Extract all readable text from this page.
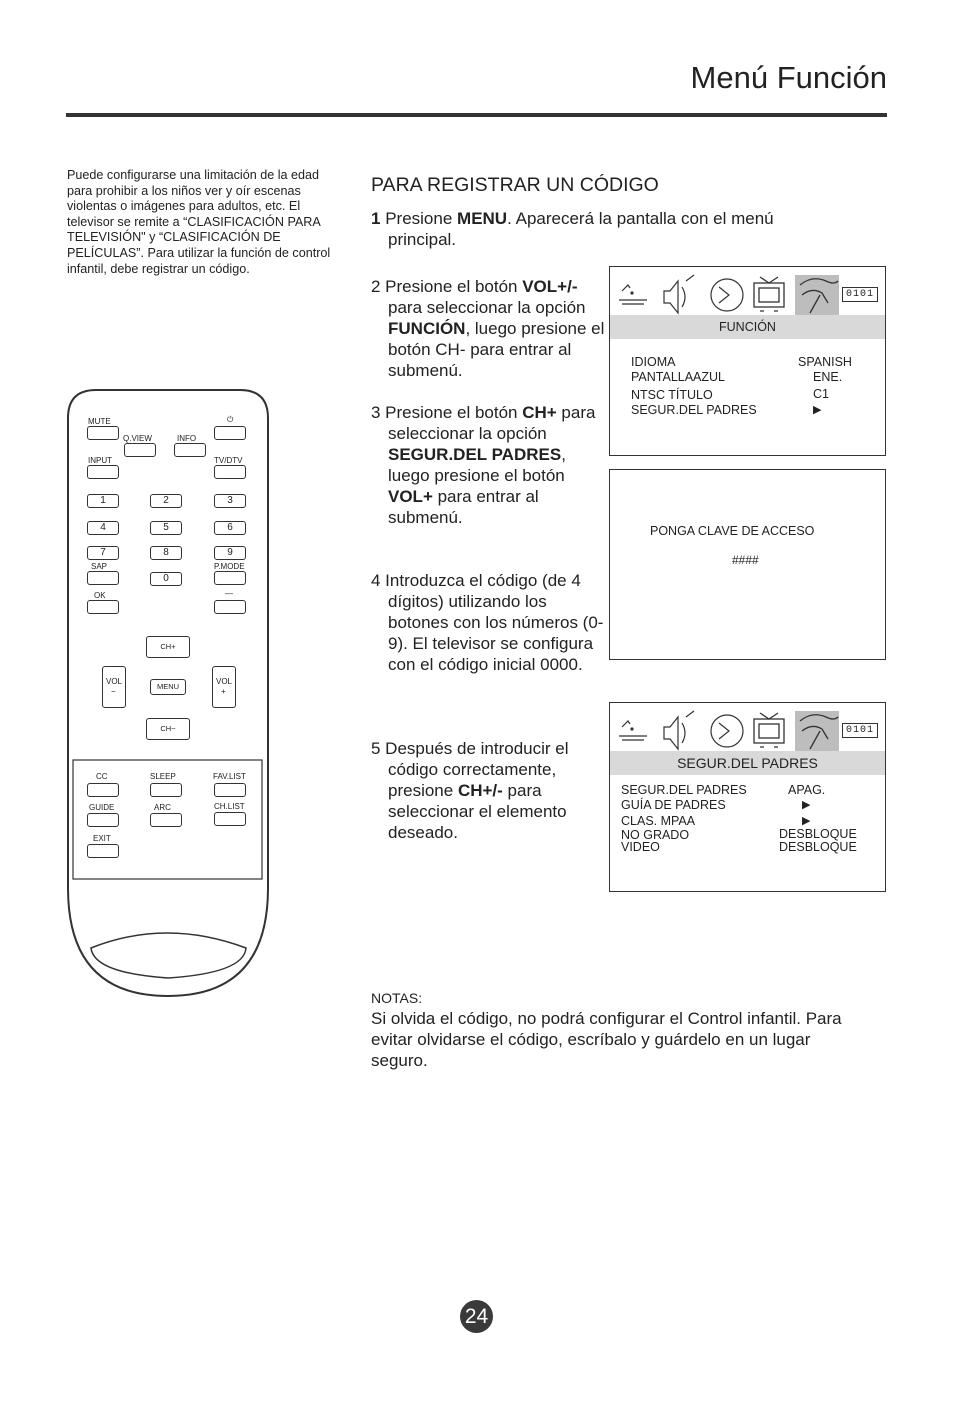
Menú Función
Puede configurarse una limitación de la edad para prohibir a los niños ver y oír escenas violentas o imágenes para adultos, etc. El televisor se remite a “CLASIFICACIÓN PARA TELEVISIÓN" y “CLASIFICACIÓN DE PELÍCULAS”. Para utilizar la función de control infantil, debe registrar un código.
PARA REGISTRAR UN CÓDIGO

1 Presione MENU. Aparecerá la pantalla con el menú principal.

2 Presione el botón VOL+/- para seleccionar la opción FUNCIÓN, luego presione el botón CH- para entrar al submenú.

3 Presione el botón CH+ para seleccionar la opción SEGUR.DEL PADRES, luego presione el botón VOL+ para entrar al submenú.

4 Introduzca el código (de 4 dígitos) utilizando los botones con los números (0-9). El televisor se configura con el código inicial 0000.

5 Después de introducir el código correctamente, presione CH+/- para seleccionar el elemento deseado.

0101
FUNCIÓN
IDIOMA	SPANISH
PANTALLAAZUL	ENE.
NTSC TÍTULO	C1
SEGUR.DEL PADRES	▶
PONGA CLAVE DE ACCESO
####
0101
SEGUR.DEL PADRES
SEGUR.DEL PADRES	APAG.
GUÍA DE PADRES	▶
CLAS. MPAA	▶
NO GRADO	DESBLOQUE
VIDEO	DESBLOQUE
MUTE	⏻
Q.VIEW	INFO
INPUT	TV/DTV
1	2	3
4	5	6
7	8	9
SAP
0
P.MODE
OK	—
CH+
MENU
CH−
VOL
−
VOL
+
CC	SLEEP	FAV.LIST
GUIDE	ARC	CH.LIST
EXIT
NOTAS:
Si olvida el código, no podrá configurar el Control infantil. Para evitar olvidarse el código, escríbalo y guárdelo en un lugar seguro.
24
